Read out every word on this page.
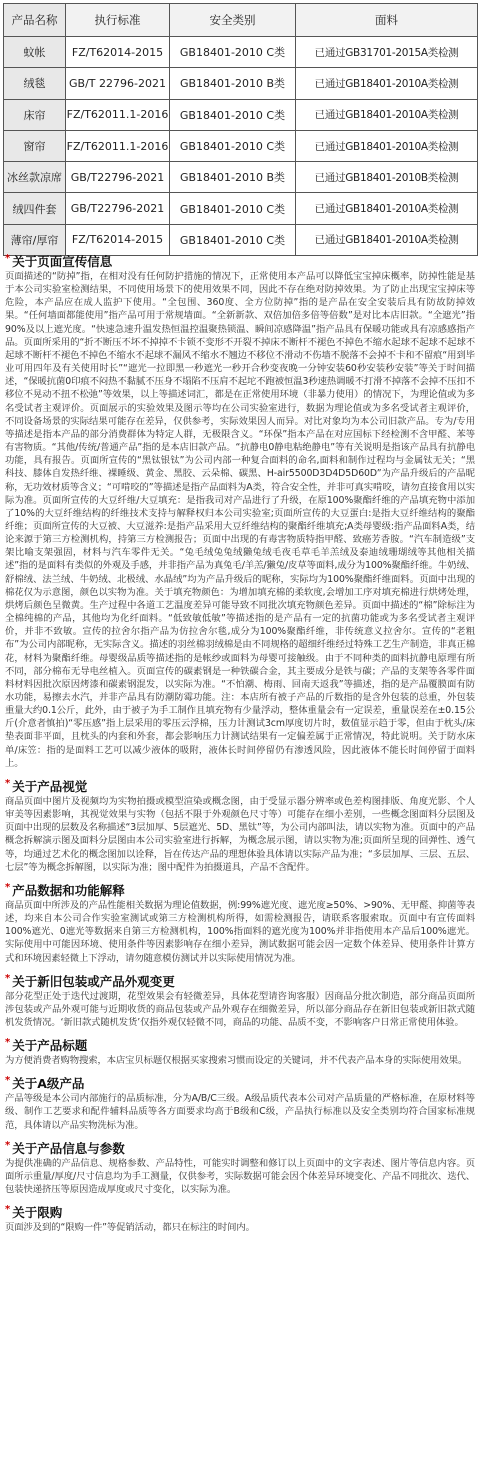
产品名称	执行标准	安全类别	面料
蚊帐	FZ/T62014-2015	GB18401-2010 C类	已通过GB31701-2015A类检测
绒毯	GB/T 22796-2021	GB18401-2010 B类	已通过GB18401-2010A类检测
床帘	FZ/T62011.1-2016	GB18401-2010 C类	已通过GB18401-2010A类检测
窗帘	FZ/T62011.1-2016	GB18401-2010 C类	已通过GB18401-2010A类检测
冰丝款凉席	GB/T22796-2021	GB18401-2010 B类	已通过GB18401-2010B类检测
绒四件套	GB/T22796-2021	GB18401-2010 C类	已通过GB18401-2010A类检测
薄帘/厚帘	FZ/T62014-2015	GB18401-2010 C类	已通过GB18401-2010A类检测
* 关于页面宣传信息
页面描述的“防掉”指，在相对没有任何防护措施的情况下，正常使用本产品可以降低宝宝掉床概率，防掉性能是基于本公司实验室检测结果，不同使用场景下的使用效果不同，因此不存在绝对防掉效果。为了防止出现宝宝掉床等危险，本产品应在成人监护下使用。“全包围、360度、全方位防掉”指的是产品在安全安装后具有防故防掉效果。“任何墙面都能使用”指产品可用于常规墙面。“全新新款、双倍加倍多倍等倍数”是对比本店旧款。“全遮光”指90%及以上遮光度。“快速急速升温发热恒温控温聚热锁温、瞬间凉感降温”指产品具有保暖功能或具有凉感感指产品。页面所采用的“折不断压不坏不掉掉不卡锁不变形不开裂不掉床不断杆不褪色不掉色不缩水起球不起球不起球不起球不断杆不褪色不掉色不缩水不起球不漏风不缩水不翘边不移位不滑动不伤墙不脱落不会掉不卡和不留痕“用到毕业可用四年及有关使用时长”“遮光一拉即黑一秒遮光一秒开合秒变夜晚一分钟安装60秒安装秒安装”等关于时间描述，“保暖抗菌0印痕不闷热不黏腻不压身不塌陷不压肩不起坨不跑被恒温3秒速热调暖不打滑不掉落不会掉不压扣不移位不晃动不扭不松弛”等效果，以上等描述词汇，都是在正常使用环境（非暴力使用）的情况下，为理论值或为多名受试者主观评价。页面展示的实验效果及图示等均在公司实验室进行，数据为理论值或为多名受试者主观评价，不同设备场景的实际结果可能存在差异，仅供参考，实际效果因人而异。对比对象均为本公司旧款产品。专为/专用等描述是指本产品的部分消费群体为特定人群，无极限含义。“环保”指本产品在对应国标下经检测不含甲醛、苯等有害物质。“其他/传统/普通产品”指的是本店旧款产品。“抗静电0静电粘绝静电”等有关说明是指该产品具有抗静电功能，具有报告。页面所宣传的“黑钛银钛”为公司内部一种复合面料的命名,面料和制作过程均与金属钛无关；“黑科技、膝体自发热纤维、裸睡级、黄金、黑胶、云朵棉、碳黑、H-air5500D3D4D5D60D”为产品升级后的产品昵称，无功效材质等含义；“可啃咬的”等描述是指产品面料为A类，符合安全性，并非可真实啃咬，请勿直接食用以实际为准。页面所宣传的大豆纤维/大豆填充：是指我司对产品进行了升级，在原100%聚酯纤维的产品填充物中添加了10%的大豆纤维结构的纤维技术支持与解释权归本公司实验室;页面所宣传的大豆蛋白:是指大豆纤维结构的聚酯纤维；页面所宣传的大豆被、大豆滋养:是指产品采用大豆纤维结构的聚酯纤维填充;A类母婴级:指产品面料A类，结论来源于第三方检测机构，持第三方检测报告；页面中出现的有毒害物质特指甲醛、致癌芳香胺。“汽车制造级”支架比喻支架强固，材料与汽车零件无关。“兔毛绒兔兔绒獭兔绒毛夜毛草毛羊羔绒及泰迪绒珊瑚绒等其他相关描述”指的是面料有类似的外观及手感，并非指产品为真兔毛/羊羔/獭兔/皮草等面料,成分为100%聚酯纤维。牛奶绒、舒棉绒、法兰绒、牛奶绒、北极绒、水晶绒”均为产品升级后的昵称，实际均为100%聚酯纤维面料。页面中出现的棉花仅为示意图，颜色以实物为准。关于填充物颜色：为增加填充棉的柔软度,会增加工序对填充棉进行烘烤处理，烘烤后颜色呈微黄。生产过程中各道工艺温度差异可能导致不同批次填充物颜色差异。页面中描述的“棉”除标注为全棉纯棉的产品，其他均为化纤面料。“低致敏低敏”等描述指的是产品有一定的抗菌功能或为多名受试者主观评价，并非不致敏。宣传的拉舍尔指产品为仿拉舍尔毯,成分为100%聚酯纤维，非传统意义拉舍尔。宣传的“老粗布”为公司内部昵称，无实际含义。描述的羽丝棉羽绒棉是由不同规格的超细纤维经过特殊工艺生产制造，非真正棉花，材料为聚酯纤维。母婴级品质等描述指的是帐纱或面料为母婴可接触级。由于不同种类的面料抗静电原理有所不同，部分棉布无导电丝植入。页面宣传的碳素钢是一种铁碳合金，其主要成分是铁与碳；产品的支架等各零件面料材料因批次原因烤漆和碳素钢混发，以实际为准。“不怕潮、梅雨、回南天返我”等描述，指的是产品覆膜面有防水功能，易擦去水汽，并非产品具有防潮防霉功能。注：本店所有被子产品的斤数指的是含外包装的总重，外包装重量大约0.1公斤，此外，由于被子为手工制作且填充物有少量浮动，整体重量会有一定误差，重量误差在±0.15公斤(介意者慎拍)“零压感”指上层采用的零压云浮棉，压力计测试3cm厚度切片时，数值显示趋于零，但由于枕头/床垫表面非平面，且枕头的内套和外套，都会影响压力计测试结果有一定偏差属于正常情况，特此说明。关于防水床单/床笠：指的是面料工艺可以减少液体的吸附，液体长时间停留仍有渗透风险，因此液体不能长时间停留于面料上。
* 关于产品视觉
商品页面中图片及视频均为实物拍摄或模型渲染或概念图，由于受显示器分辨率或色差构图排版、角度光影、个人审美等因素影响，其视觉效果与实物（包括不限于外观颜色尺寸等）可能存在细小差别，一些概念图面料分层图及页面中出现的层数及名称描述“3层加厚、5层遮光、5D、黑钛”等，为公司内部叫法，请以实物为准。页面中的产品概念拆解演示图及面料分层图由本公司实验室进行拆解，为概念展示图，请以实物为准;页面所呈现的回弹性、透气等，均通过艺术化的概念图加以诠释，旨在传达产品的理想体验具体请以实际产品为准；“多层加厚、三层、五层、七层”等为概念拆解图，以实际为准；图中配件为拍摄道具，产品不含配件。
* 产品数据和功能解释
商品页面中所涉及的产品性能相关数据为理论值数据，例:99%遮光度、遮光度≥50%、>90%、无甲醛、抑菌等表述，均来自本公司合作实验室测试或第三方检测机构所得，如需检测报告，请联系客服索取。页面中有宣传面料100%遮光、0遮光等数据来自第三方检测机构，100%指面料的遮光度为100%并非指使用本产品后100%遮光。实际使用中可能因环境、使用条件等因素影响存在细小差异，测试数据可能会因一定数个体差异、使用条件计算方式和环境因素轻微上下浮动，请勿随意模仿测试并以实际使用情况为准。
* 关于新旧包装或产品外观变更
部分花型正处于迭代过渡期，花型效果会有轻微差异，具体花型请咨询客服）因商品分批次制造，部分商品页面所涉包装或产品外观可能与近期收货的商品包装或产品外观存在细微差异，所以部分商品存在新旧包装或新旧款式随机发货情况。‘新旧款式随机发货’仅指外观仅轻微不同，商品的功能、品质不变，不影响客户日常正常使用体验。
* 关于产品标题
为方便消费者购物搜索，本店宝贝标题仅根据买家搜索习惯而设定的关键词，并不代表产品本身的实际使用效果。
* 关于A级产品
产品等级是本公司内部施行的品质标准，分为A/B/C三级。A级品质代表本公司对产品质量的严格标准，在原材料等级、制作工艺要求和配件辅料品质等各方面要求均高于B级和C级，产品执行标准以及安全类别均符合国家标准规范，具体请以产品实物洗标为准。
* 关于产品信息与参数
为提供准确的产品信息、规格参数、产品特性，可能实时调整和修订以上页面中的文字表述、图片等信息内容。页面所示重量/厚度/尺寸信息均为手工测量，仅供参考，实际数据可能会因个体差异环境变化、产品不同批次、迭代、包装快递挤压等原因造成厚度或尺寸变化，以实际为准。
* 关于限购
页面涉及到的“限购一件”等促销活动，都只在标注的时间内。
